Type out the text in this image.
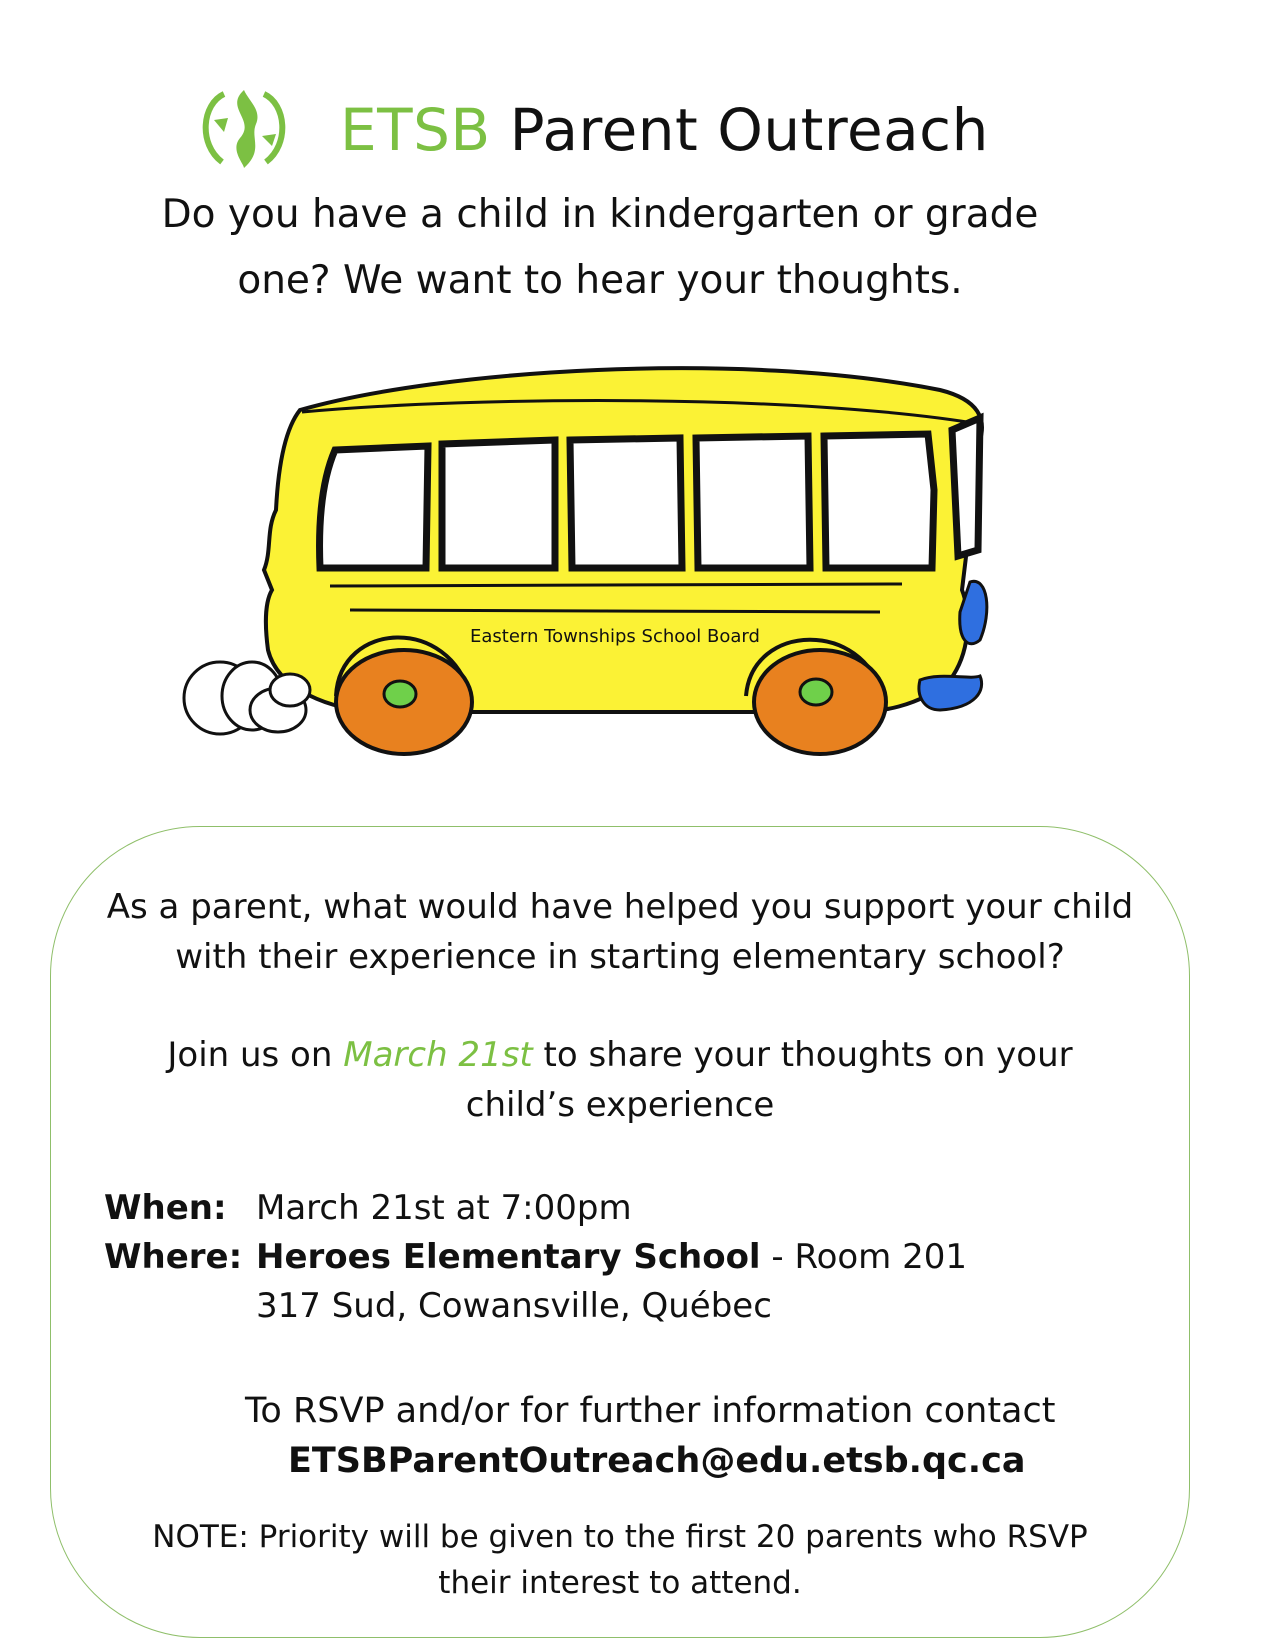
ETSB Parent Outreach
Do you have a child in kindergarten or grade
one? We want to hear your thoughts.
Eastern Townships School Board
As a parent, what would have helped you support your child
with their experience in starting elementary school?
Join us on March 21st to share your thoughts on your
child’s experience
When: March 21st at 7:00pm
Where: Heroes Elementary School - Room 201
317 Sud, Cowansville, Québec
To RSVP and/or for further information contact
ETSBParentOutreach@edu.etsb.qc.ca
NOTE: Priority will be given to the first 20 parents who RSVP
their interest to attend.
